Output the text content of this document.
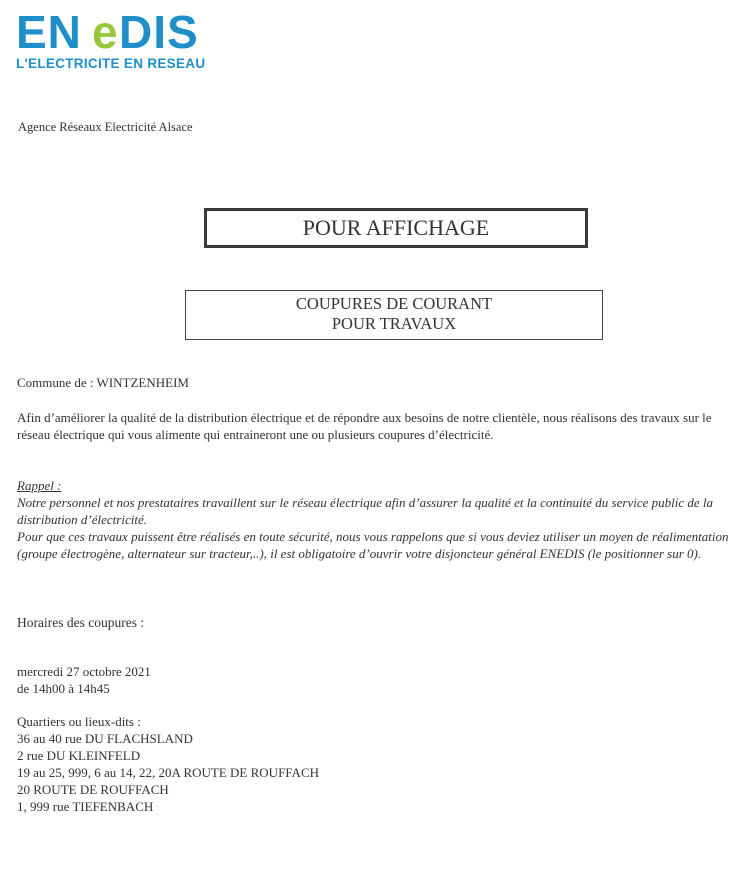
EN e DIS
L'ELECTRICITE EN RESEAU
Agence Réseaux Electricité Alsace
POUR AFFICHAGE
COUPURES DE COURANT
POUR TRAVAUX
Commune de : WINTZENHEIM
Afin d’améliorer la qualité de la distribution électrique et de répondre aux besoins de notre clientèle, nous réalisons des travaux sur le réseau électrique qui vous alimente qui entraineront une ou plusieurs coupures d’électricité.
Rappel :
Notre personnel et nos prestataires travaillent sur le réseau électrique afin d’assurer la qualité et la continuité du service public de la distribution d’électricité.
Pour que ces travaux puissent être réalisés en toute sécurité, nous vous rappelons que si vous deviez utiliser un moyen de réalimentation (groupe électrogène, alternateur sur tracteur,..), il est obligatoire d’ouvrir votre disjoncteur général ENEDIS (le positionner sur 0).
Horaires des coupures :
mercredi 27 octobre 2021
de 14h00 à 14h45
Quartiers ou lieux-dits :
36 au 40 rue DU FLACHSLAND
2 rue DU KLEINFELD
19 au 25, 999, 6 au 14, 22, 20A ROUTE DE ROUFFACH
20 ROUTE DE ROUFFACH
1, 999 rue TIEFENBACH
